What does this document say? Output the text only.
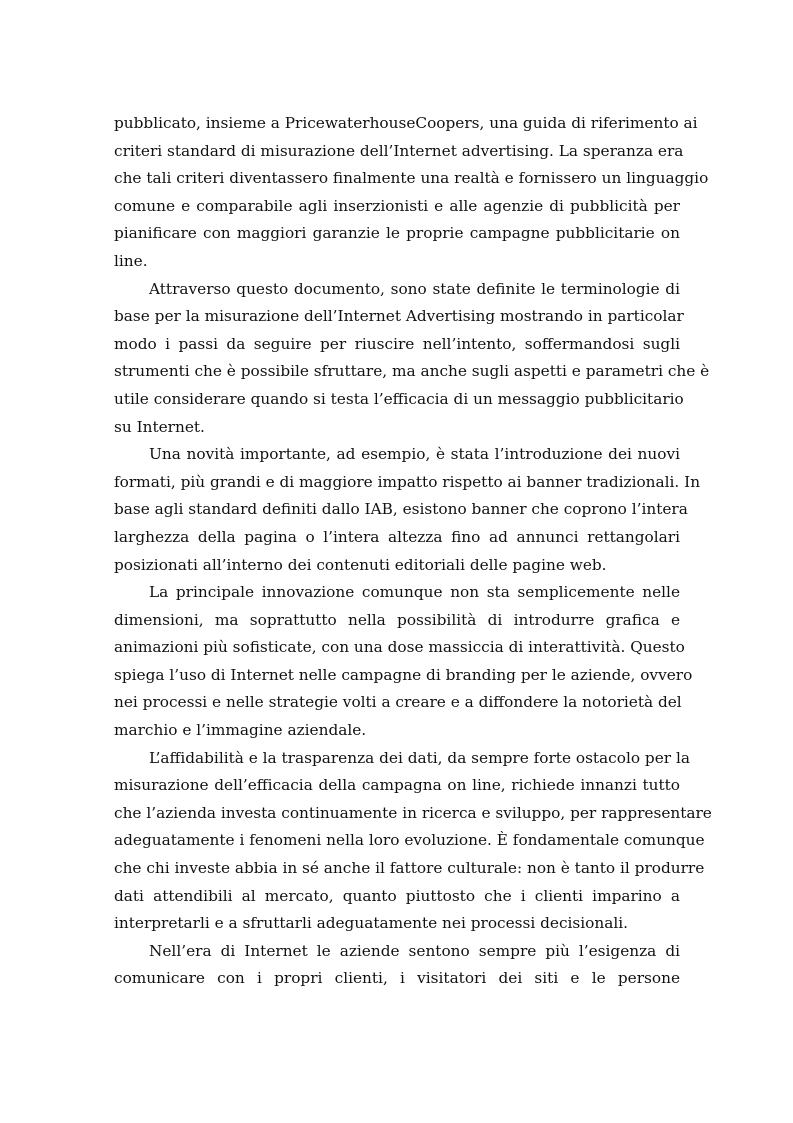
pubblicato, insieme a PricewaterhouseCoopers, una guida di riferimento ai
criteri standard di misurazione dell’Internet advertising. La speranza era
che tali criteri diventassero finalmente una realtà e fornissero un linguaggio
comune e comparabile agli inserzionisti e alle agenzie di pubblicità per
pianificare con maggiori garanzie le proprie campagne pubblicitarie on
line.
Attraverso questo documento, sono state definite le terminologie di
base per la misurazione dell’Internet Advertising mostrando in particolar
modo i passi da seguire per riuscire nell’intento, soffermandosi sugli
strumenti che è possibile sfruttare, ma anche sugli aspetti e parametri che è
utile considerare quando si testa l’efficacia di un messaggio pubblicitario
su Internet.
Una novità importante, ad esempio, è stata l’introduzione dei nuovi
formati, più grandi e di maggiore impatto rispetto ai banner tradizionali. In
base agli standard definiti dallo IAB, esistono banner che coprono l’intera
larghezza della pagina o l’intera altezza fino ad annunci rettangolari
posizionati all’interno dei contenuti editoriali delle pagine web.
La principale innovazione comunque non sta semplicemente nelle
dimensioni, ma soprattutto nella possibilità di introdurre grafica e
animazioni più sofisticate, con una dose massiccia di interattività. Questo
spiega l’uso di Internet nelle campagne di branding per le aziende, ovvero
nei processi e nelle strategie volti a creare e a diffondere la notorietà del
marchio e l’immagine aziendale.
L’affidabilità e la trasparenza dei dati, da sempre forte ostacolo per la
misurazione dell’efficacia della campagna on line, richiede innanzi tutto
che l’azienda investa continuamente in ricerca e sviluppo, per rappresentare
adeguatamente i fenomeni nella loro evoluzione. È fondamentale comunque
che chi investe abbia in sé anche il fattore culturale: non è tanto il produrre
dati attendibili al mercato, quanto piuttosto che i clienti imparino a
interpretarli e a sfruttarli adeguatamente nei processi decisionali.
Nell’era di Internet le aziende sentono sempre più l’esigenza di
comunicare con i propri clienti, i visitatori dei siti e le persone
